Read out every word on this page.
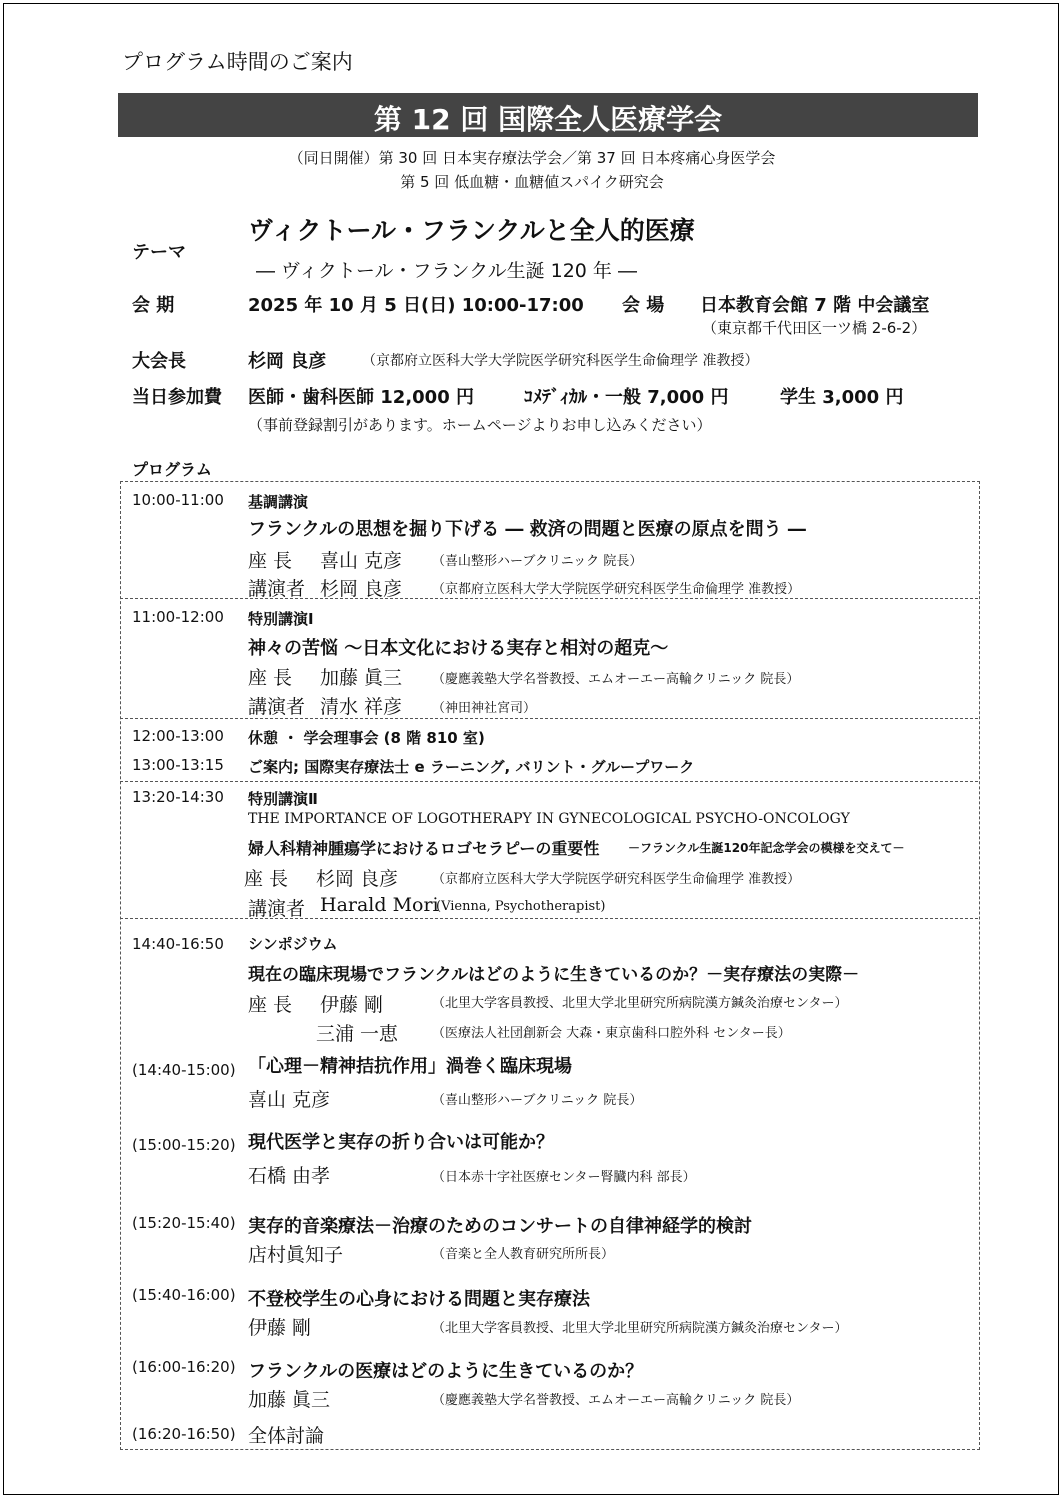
プログラム時間のご案内
第 12 回 国際全人医療学会
（同日開催）第 30 回 日本実存療法学会／第 37 回 日本疼痛心身医学会
第 5 回 低血糖・血糖値スパイク研究会
テーマ
ヴィクトール・フランクルと全人的医療
― ヴィクトール・フランクル生誕 120 年 ―
会 期	2025 年 10 月 5 日(日) 10:00-17:00 会 場 日本教育会館 7 階 中会議室
（東京都千代田区一ツ橋 2-6-2）
大会長	杉岡 良彦	（京都府立医科大学大学院医学研究科医学生命倫理学 准教授）
当日参加費 医師・歯科医師 12,000 円	ｺﾒﾃﾞｨｶﾙ・一般 7,000 円	学生 3,000 円
（事前登録割引があります。ホームページよりお申し込みください）
プログラム
10:00-11:00 基調講演
フランクルの思想を掘り下げる ― 救済の問題と医療の原点を問う ―
座 長 喜山 克彦 （喜山整形ハーブクリニック 院長）
講演者 杉岡 良彦 （京都府立医科大学大学院医学研究科医学生命倫理学 准教授）
11:00-12:00 特別講演Ⅰ
神々の苦悩 ～日本文化における実存と相対の超克～
座 長 加藤 眞三 （慶應義塾大学名誉教授、エムオーエー高輪クリニック 院長）
講演者 清水 祥彦 （神田神社宮司）
12:00-13:00 休憩 ・ 学会理事会 (8 階 810 室)
13:00-13:15 ご案内; 国際実存療法士 e ラーニング, バリント・グループワーク
13:20-14:30 特別講演Ⅱ
THE IMPORTANCE OF LOGOTHERAPY IN GYNECOLOGICAL PSYCHO-ONCOLOGY
婦人科精神腫瘍学におけるロゴセラピーの重要性 －フランクル生誕120年記念学会の模様を交えて－
座 長 杉岡 良彦	（京都府立医科大学大学院医学研究科医学生命倫理学 准教授）
講演者 Harald Mori
(Vienna, Psychotherapist)
14:40-16:50 シンポジウム
現在の臨床現場でフランクルはどのように生きているのか？－実存療法の実際－
座 長 伊藤 剛	（北里大学客員教授、北里大学北里研究所病院漢方鍼灸治療センター）
三浦 一恵	（医療法人社団創新会 大森・東京歯科口腔外科 センター長）
(14:40-15:00) 「心理－精神拮抗作用」渦巻く臨床現場
喜山 克彦	（喜山整形ハーブクリニック 院長）
(15:00-15:20) 現代医学と実存の折り合いは可能か？
石橋 由孝	（日本赤十字社医療センター腎臓内科 部長）
(15:20-15:40) 実存的音楽療法－治療のためのコンサートの自律神経学的検討
店村眞知子	（音楽と全人教育研究所所長）
(15:40-16:00) 不登校学生の心身における問題と実存療法
伊藤 剛	（北里大学客員教授、北里大学北里研究所病院漢方鍼灸治療センター）
(16:00-16:20) フランクルの医療はどのように生きているのか？
加藤 眞三	（慶應義塾大学名誉教授、エムオーエー高輪クリニック 院長）
(16:20-16:50) 全体討論
